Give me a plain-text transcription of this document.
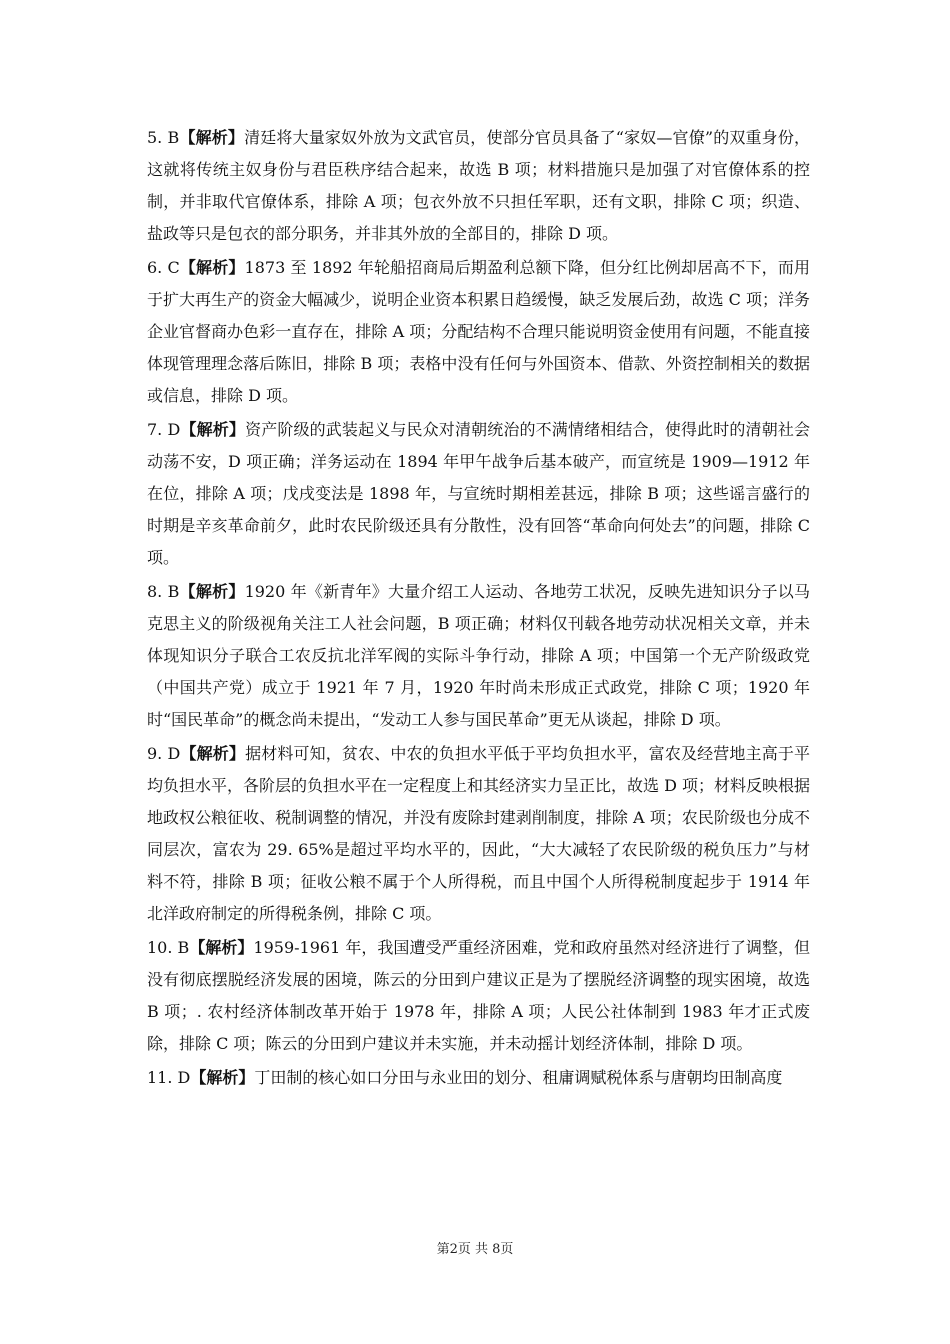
5. B【解析】清廷将大量家奴外放为文武官员，使部分官员具备了“家奴—官僚”的双重身份，这就将传统主奴身份与君臣秩序结合起来，故选 B 项；材料措施只是加强了对官僚体系的控制，并非取代官僚体系，排除 A 项；包衣外放不只担任军职，还有文职，排除 C 项；织造、盐政等只是包衣的部分职务，并非其外放的全部目的，排除 D 项。

6. C【解析】1873 至 1892 年轮船招商局后期盈利总额下降，但分红比例却居高不下，而用于扩大再生产的资金大幅减少，说明企业资本积累日趋缓慢，缺乏发展后劲，故选 C 项；洋务企业官督商办色彩一直存在，排除 A 项；分配结构不合理只能说明资金使用有问题，不能直接体现管理理念落后陈旧，排除 B 项；表格中没有任何与外国资本、借款、外资控制相关的数据或信息，排除 D 项。

7. D【解析】资产阶级的武装起义与民众对清朝统治的不满情绪相结合，使得此时的清朝社会动荡不安，D 项正确；洋务运动在 1894 年甲午战争后基本破产，而宣统是 1909—1912 年在位，排除 A 项；戊戌变法是 1898 年，与宣统时期相差甚远，排除 B 项；这些谣言盛行的时期是辛亥革命前夕，此时农民阶级还具有分散性，没有回答“革命向何处去”的问题，排除 C 项。

8. B【解析】1920 年《新青年》大量介绍工人运动、各地劳工状况，反映先进知识分子以马克思主义的阶级视角关注工人社会问题，B 项正确；材料仅刊载各地劳动状况相关文章，并未体现知识分子联合工农反抗北洋军阀的实际斗争行动，排除 A 项；中国第一个无产阶级政党（中国共产党）成立于 1921 年 7 月，1920 年时尚未形成正式政党，排除 C 项；1920 年时“国民革命”的概念尚未提出，“发动工人参与国民革命”更无从谈起，排除 D 项。

9. D【解析】据材料可知，贫农、中农的负担水平低于平均负担水平，富农及经营地主高于平均负担水平，各阶层的负担水平在一定程度上和其经济实力呈正比，故选 D 项；材料反映根据地政权公粮征收、税制调整的情况，并没有废除封建剥削制度，排除 A 项；农民阶级也分成不同层次，富农为 29. 65%是超过平均水平的，因此，“大大减轻了农民阶级的税负压力”与材料不符，排除 B 项；征收公粮不属于个人所得税，而且中国个人所得税制度起步于 1914 年北洋政府制定的所得税条例，排除 C 项。

10. B【解析】1959-1961 年，我国遭受严重经济困难，党和政府虽然对经济进行了调整，但没有彻底摆脱经济发展的困境，陈云的分田到户建议正是为了摆脱经济调整的现实困境，故选 B 项；. 农村经济体制改革开始于 1978 年，排除 A 项；人民公社体制到 1983 年才正式废除，排除 C 项；陈云的分田到户建议并未实施，并未动摇计划经济体制，排除 D 项。

11. D【解析】丁田制的核心如口分田与永业田的划分、租庸调赋税体系与唐朝均田制高度

第2页 共 8页
